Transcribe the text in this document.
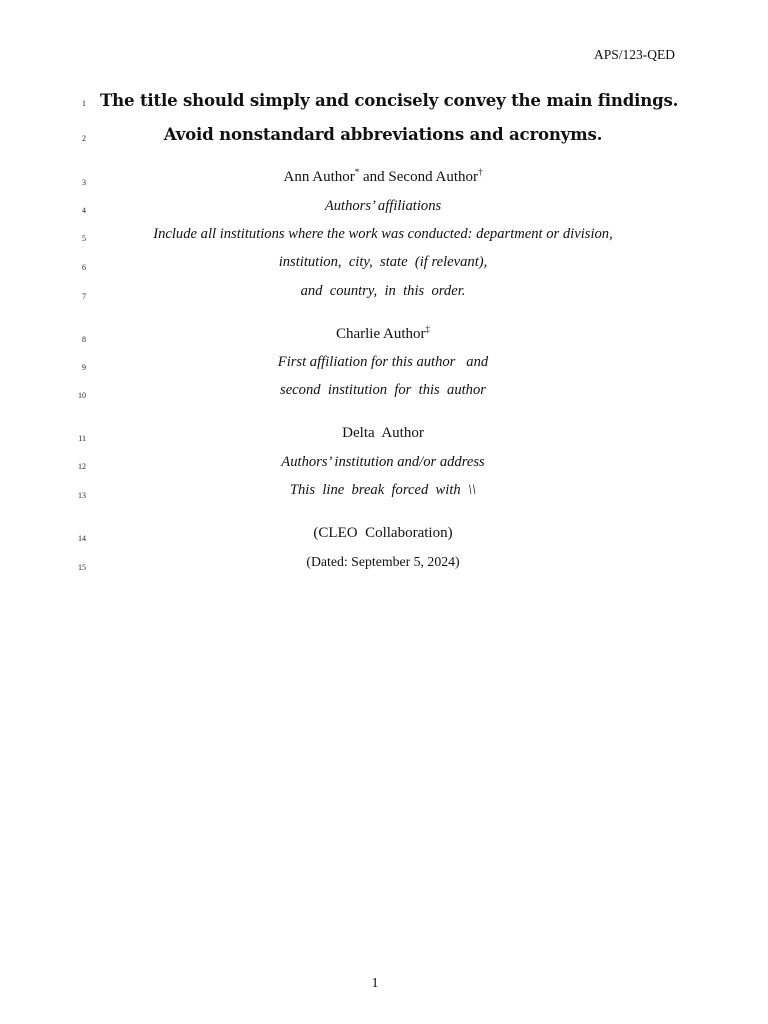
APS/123-QED
1 The title should simply and concisely convey the main findings.
2	Avoid nonstandard abbreviations and acronyms.
3	Ann Author* and Second Author†
4	Authors’ affiliations
5	Include all institutions where the work was conducted: department or division,
6	institution,  city,  state  (if relevant),
7	and  country,  in  this  order.
8	Charlie Author‡
9	First affiliation for this author   and
10	second  institution  for  this  author
11	Delta  Author
12	Authors’ institution and/or address
13	This  line  break  forced  with  \\
14	(CLEO  Collaboration)
15	(Dated: September 5, 2024)
1
